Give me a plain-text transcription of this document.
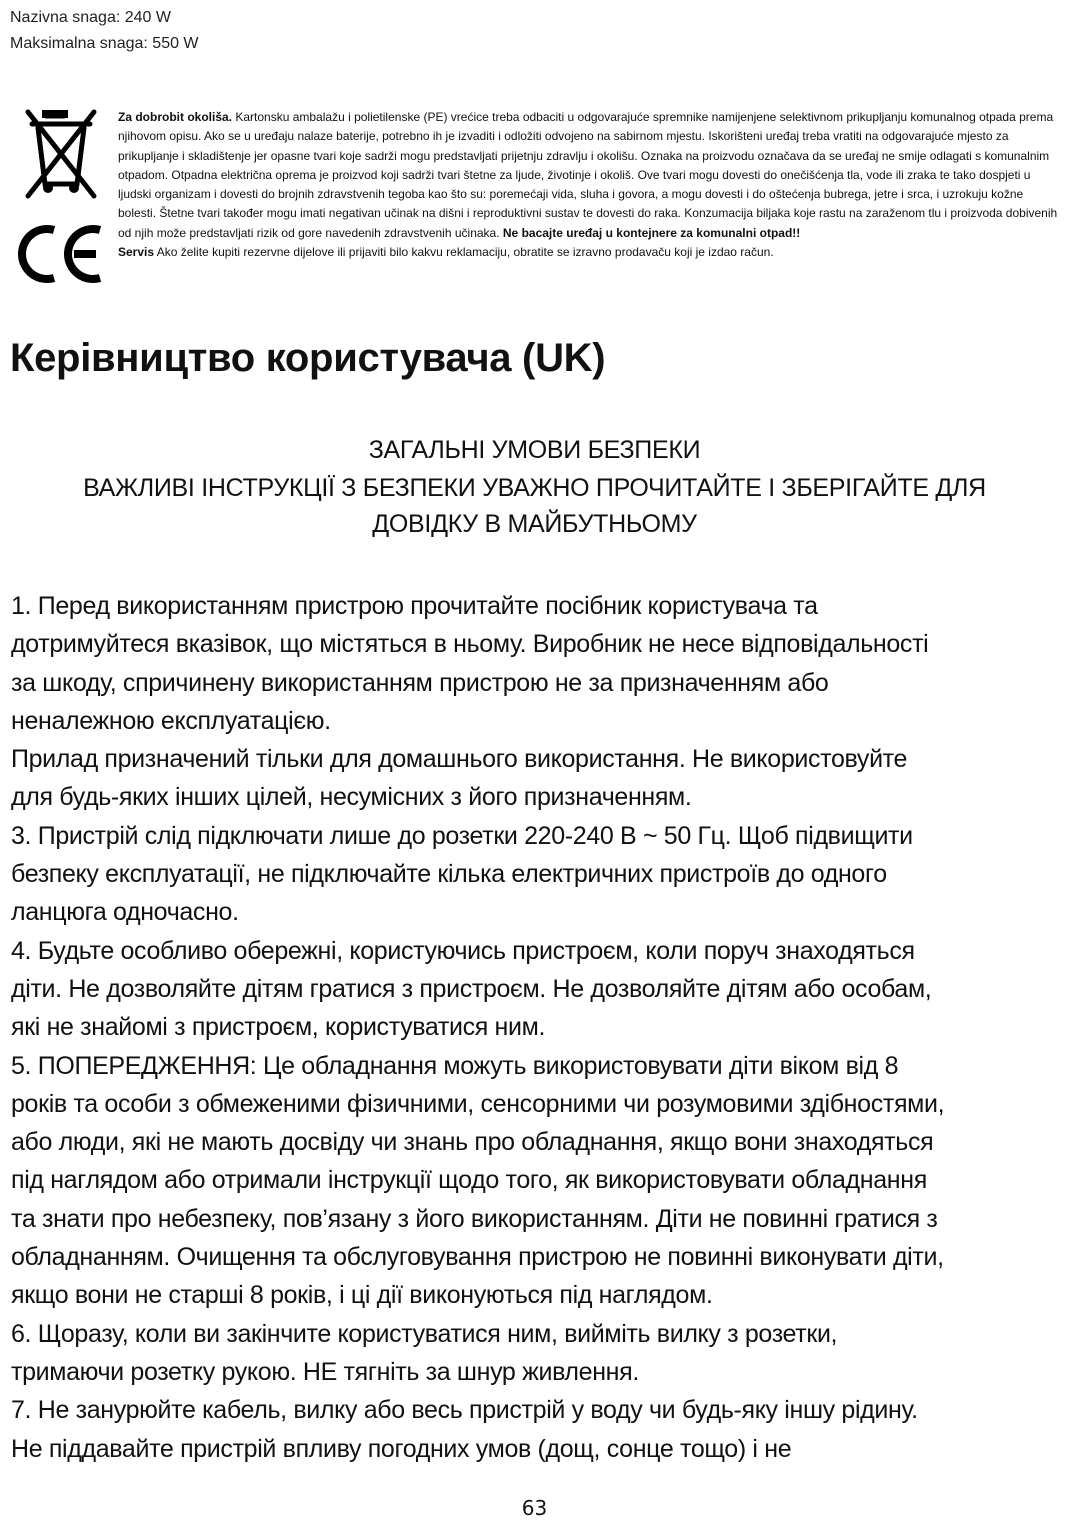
Nazivna snaga: 240 W
Maksimalna snaga: 550 W

Za dobrobit okoliša. Kartonsku ambalažu i polietilenske (PE) vrećice treba odbaciti u odgovarajuće spremnike namijenjene selektivnom prikupljanju komunalnog otpada prema njihovom opisu. Ako se u uređaju nalaze baterije, potrebno ih je izvaditi i odložiti odvojeno na sabirnom mjestu. Iskorišteni uređaj treba vratiti na odgovarajuće mjesto za prikupljanje i skladištenje jer opasne tvari koje sadrži mogu predstavljati prijetnju zdravlju i okolišu. Oznaka na proizvodu označava da se uređaj ne smije odlagati s komunalnim otpadom. Otpadna električna oprema je proizvod koji sadrži tvari štetne za ljude, životinje i okoliš. Ove tvari mogu dovesti do onečišćenja tla, vode ili zraka te tako dospjeti u ljudski organizam i dovesti do brojnih zdravstvenih tegoba kao što su: poremećaji vida, sluha i govora, a mogu dovesti i do oštećenja bubrega, jetre i srca, i uzrokuju kožne bolesti. Štetne tvari također mogu imati negativan učinak na dišni i reproduktivni sustav te dovesti do raka. Konzumacija biljaka koje rastu na zaraženom tlu i proizvoda dobivenih od njih može predstavljati rizik od gore navedenih zdravstvenih učinaka. Ne bacajte uređaj u kontejnere za komunalni otpad!!
Servis Ako želite kupiti rezervne dijelove ili prijaviti bilo kakvu reklamaciju, obratite se izravno prodavaču koji je izdao račun.

Керівництво користувача (UK)

ЗАГАЛЬНІ УМОВИ БЕЗПЕКИ

ВАЖЛИВІ ІНСТРУКЦІЇ З БЕЗПЕКИ УВАЖНО ПРОЧИТАЙТЕ І ЗБЕРІГАЙТЕ ДЛЯ

ДОВІДКУ В МАЙБУТНЬОМУ

1. Перед використанням пристрою прочитайте посібник користувача та
дотримуйтеся вказівок, що містяться в ньому. Виробник не несе відповідальності
за шкоду, спричинену використанням пристрою не за призначенням або
неналежною експлуатацією.
Прилад призначений тільки для домашнього використання. Не використовуйте
для будь-яких інших цілей, несумісних з його призначенням.
3. Пристрій слід підключати лише до розетки 220-240 В ~ 50 Гц. Щоб підвищити
безпеку експлуатації, не підключайте кілька електричних пристроїв до одного
ланцюга одночасно.
4. Будьте особливо обережні, користуючись пристроєм, коли поруч знаходяться
діти. Не дозволяйте дітям гратися з пристроєм. Не дозволяйте дітям або особам,
які не знайомі з пристроєм, користуватися ним.
5. ПОПЕРЕДЖЕННЯ: Це обладнання можуть використовувати діти віком від 8
років та особи з обмеженими фізичними, сенсорними чи розумовими здібностями,
або люди, які не мають досвіду чи знань про обладнання, якщо вони знаходяться
під наглядом або отримали інструкції щодо того, як використовувати обладнання
та знати про небезпеку, пов’язану з його використанням. Діти не повинні гратися з
обладнанням. Очищення та обслуговування пристрою не повинні виконувати діти,
якщо вони не старші 8 років, і ці дії виконуються під наглядом.
6. Щоразу, коли ви закінчите користуватися ним, вийміть вилку з розетки,
тримаючи розетку рукою. НЕ тягніть за шнур живлення.
7. Не занурюйте кабель, вилку або весь пристрій у воду чи будь-яку іншу рідину.
Не піддавайте пристрій впливу погодних умов (дощ, сонце тощо) і не
63
